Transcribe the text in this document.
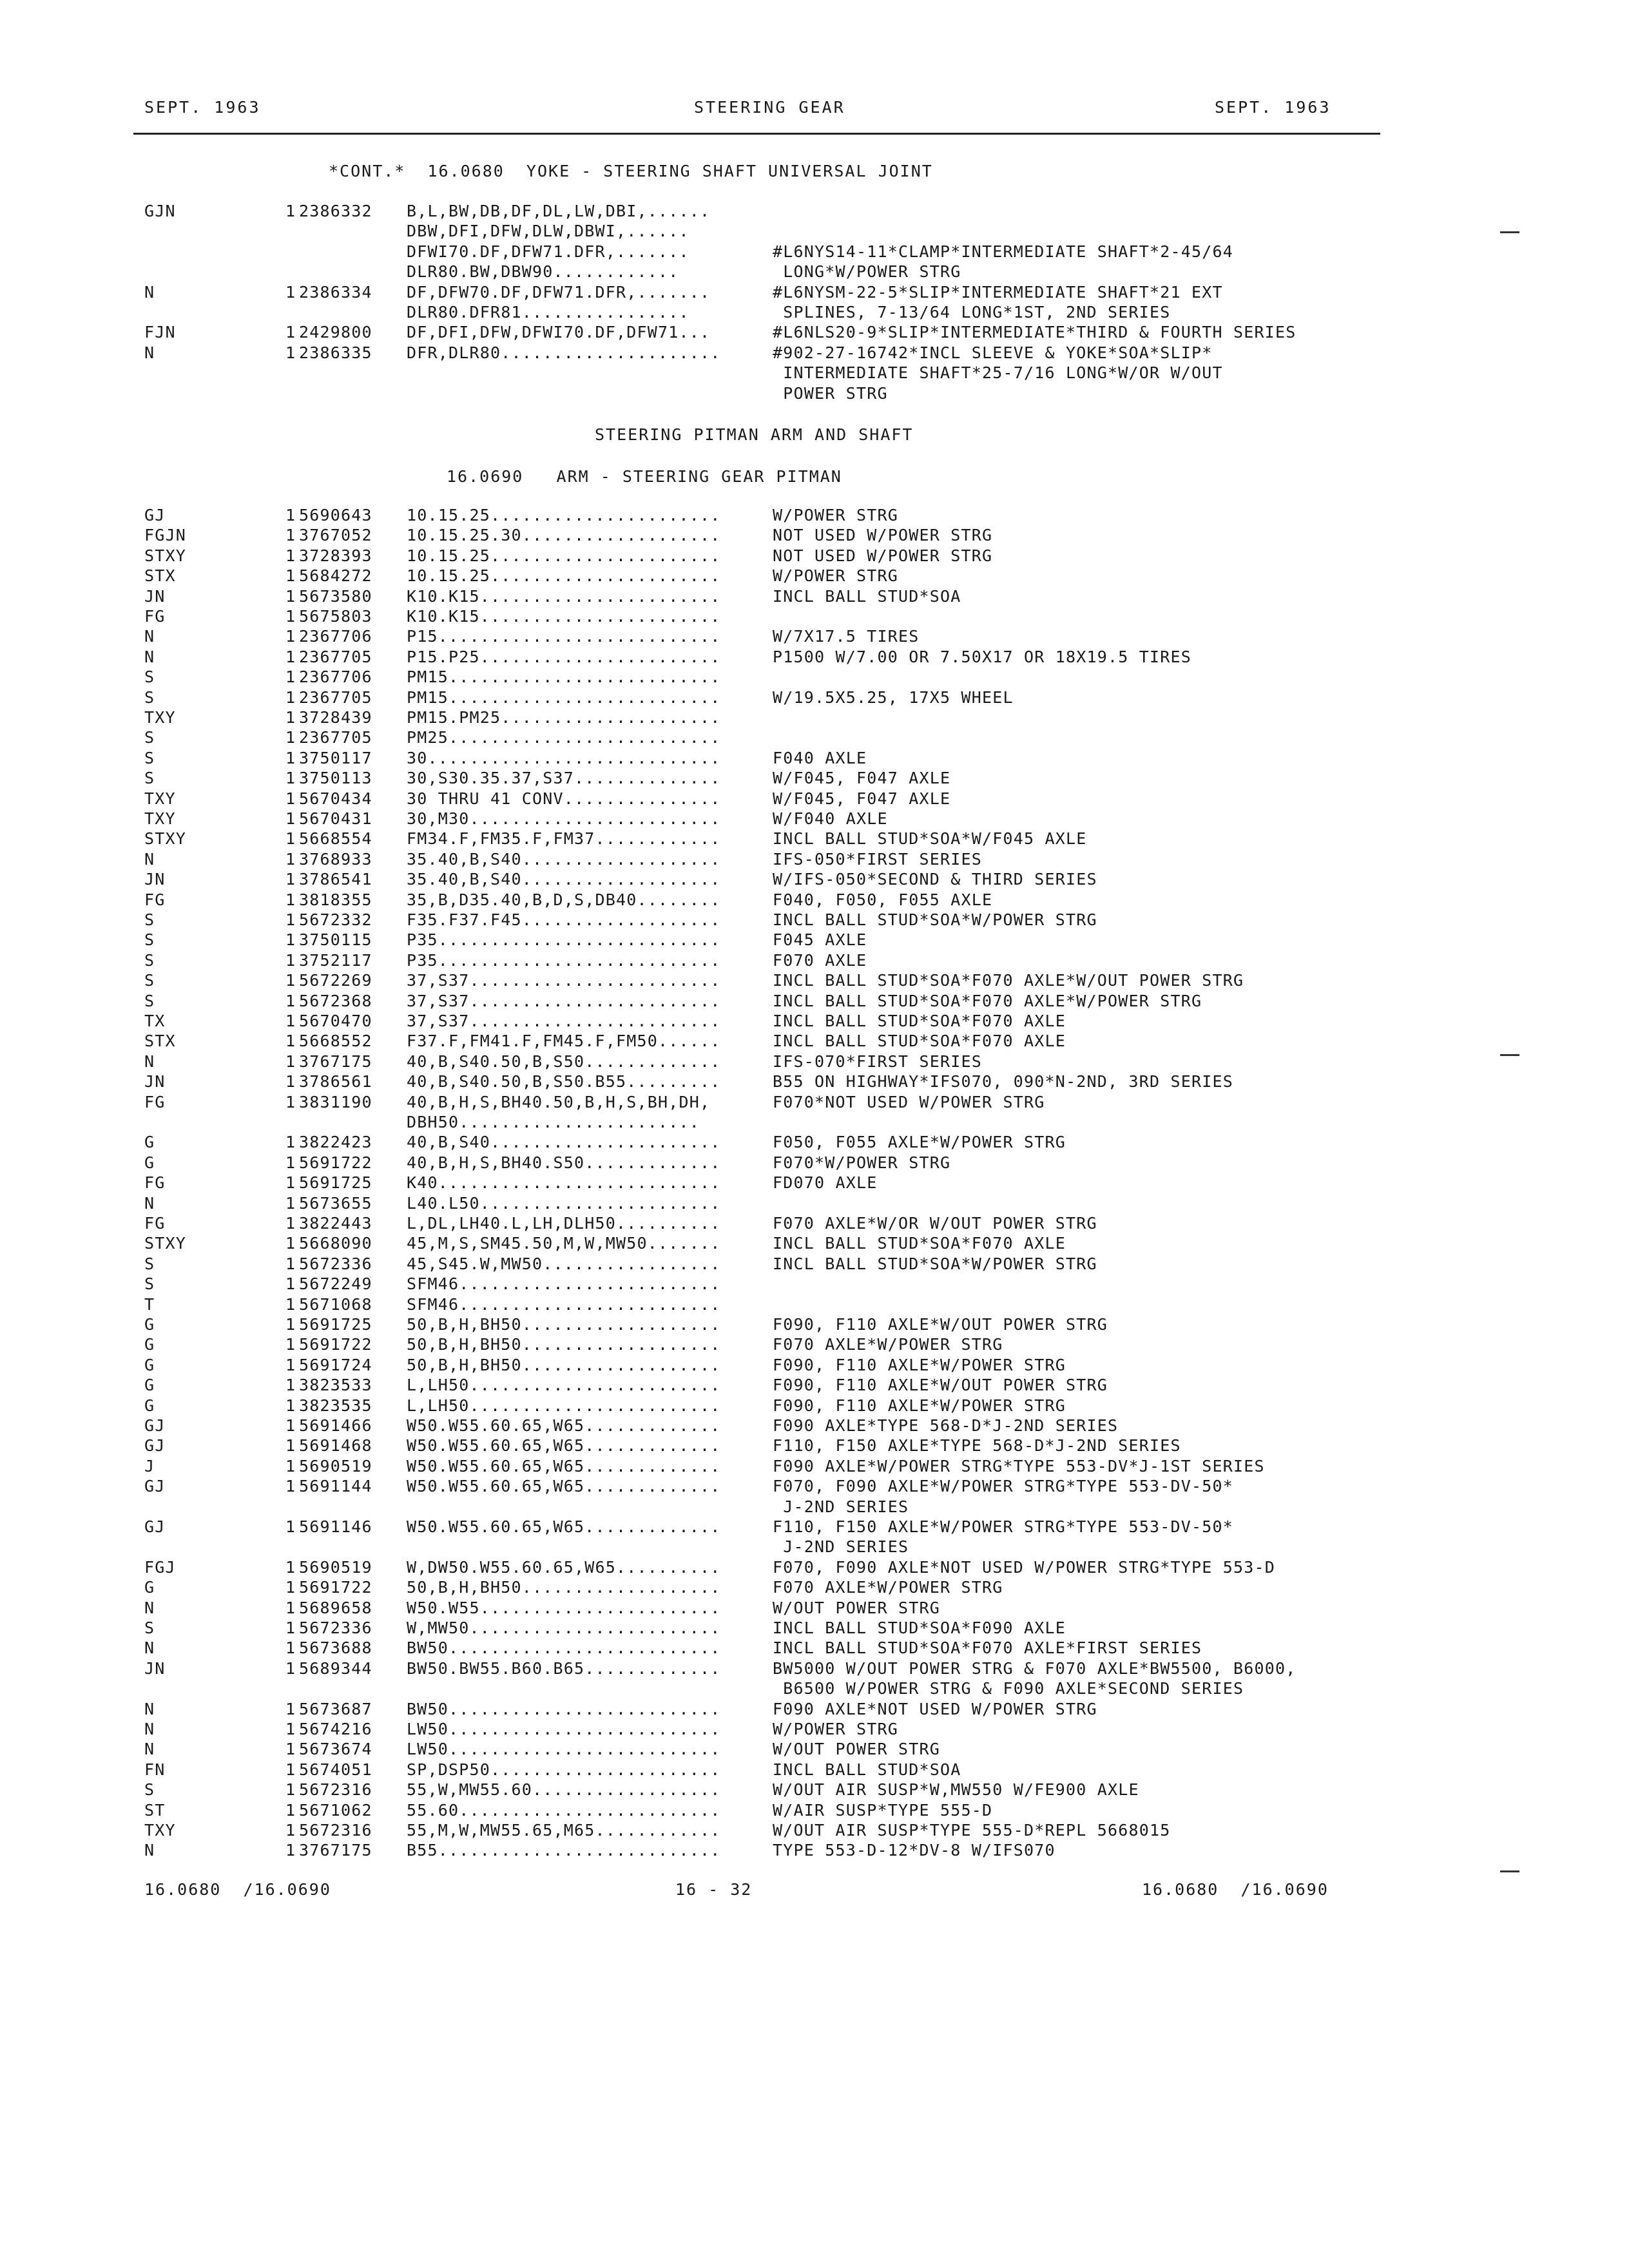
SEPT. 1963	STEERING GEAR	SEPT. 1963
*CONT.*  16.0680  YOKE - STEERING SHAFT UNIVERSAL JOINT
GJN	1 2386332 B,L,BW,DB,DF,DL,LW,DBI,......
DBW,DFI,DFW,DLW,DBWI,......
DFWI70.DF,DFW71.DFR,.......	#L6NYS14-11*CLAMP*INTERMEDIATE SHAFT*2-45/64
DLR80.BW,DBW90............	LONG*W/POWER STRG
N	1 2386334 DF,DFW70.DF,DFW71.DFR,.......	#L6NYSM-22-5*SLIP*INTERMEDIATE SHAFT*21 EXT
DLR80.DFR81................	SPLINES, 7-13/64 LONG*1ST, 2ND SERIES
FJN	1 2429800 DF,DFI,DFW,DFWI70.DF,DFW71...	#L6NLS20-9*SLIP*INTERMEDIATE*THIRD & FOURTH SERIES
N	1 2386335 DFR,DLR80.....................	#902-27-16742*INCL SLEEVE & YOKE*SOA*SLIP*
INTERMEDIATE SHAFT*25-7/16 LONG*W/OR W/OUT
POWER STRG
STEERING PITMAN ARM AND SHAFT
16.0690   ARM - STEERING GEAR PITMAN
GJ	1 5690643 10.15.25......................	W/POWER STRG
FGJN	1 3767052 10.15.25.30...................	NOT USED W/POWER STRG
STXY	1 3728393 10.15.25......................	NOT USED W/POWER STRG
STX	1 5684272 10.15.25......................	W/POWER STRG
JN	1 5673580 K10.K15.......................	INCL BALL STUD*SOA
FG	1 5675803 K10.K15.......................
N	1 2367706 P15...........................	W/7X17.5 TIRES
N	1 2367705 P15.P25.......................	P1500 W/7.00 OR 7.50X17 OR 18X19.5 TIRES
S	1 2367706 PM15..........................
S	1 2367705 PM15..........................	W/19.5X5.25, 17X5 WHEEL
TXY	1 3728439 PM15.PM25.....................
S	1 2367705 PM25..........................
S	1 3750117 30............................	F040 AXLE
S	1 3750113 30,S30.35.37,S37..............	W/F045, F047 AXLE
TXY	1 5670434 30 THRU 41 CONV...............	W/F045, F047 AXLE
TXY	1 5670431 30,M30........................	W/F040 AXLE
STXY	1 5668554 FM34.F,FM35.F,FM37............	INCL BALL STUD*SOA*W/F045 AXLE
N	1 3768933 35.40,B,S40...................	IFS-050*FIRST SERIES
JN	1 3786541 35.40,B,S40...................	W/IFS-050*SECOND & THIRD SERIES
FG	1 3818355 35,B,D35.40,B,D,S,DB40........	F040, F050, F055 AXLE
S	1 5672332 F35.F37.F45...................	INCL BALL STUD*SOA*W/POWER STRG
S	1 3750115 P35...........................	F045 AXLE
S	1 3752117 P35...........................	F070 AXLE
S	1 5672269 37,S37........................	INCL BALL STUD*SOA*F070 AXLE*W/OUT POWER STRG
S	1 5672368 37,S37........................	INCL BALL STUD*SOA*F070 AXLE*W/POWER STRG
TX	1 5670470 37,S37........................	INCL BALL STUD*SOA*F070 AXLE
STX	1 5668552 F37.F,FM41.F,FM45.F,FM50......	INCL BALL STUD*SOA*F070 AXLE
N	1 3767175 40,B,S40.50,B,S50.............	IFS-070*FIRST SERIES
JN	1 3786561 40,B,S40.50,B,S50.B55.........	B55 ON HIGHWAY*IFS070, 090*N-2ND, 3RD SERIES
FG	1 3831190 40,B,H,S,BH40.50,B,H,S,BH,DH,	F070*NOT USED W/POWER STRG
DBH50.......................
G	1 3822423 40,B,S40......................	F050, F055 AXLE*W/POWER STRG
G	1 5691722 40,B,H,S,BH40.S50.............	F070*W/POWER STRG
FG	1 5691725 K40...........................	FD070 AXLE
N	1 5673655 L40.L50.......................
FG	1 3822443 L,DL,LH40.L,LH,DLH50..........	F070 AXLE*W/OR W/OUT POWER STRG
STXY	1 5668090 45,M,S,SM45.50,M,W,MW50.......	INCL BALL STUD*SOA*F070 AXLE
S	1 5672336 45,S45.W,MW50.................	INCL BALL STUD*SOA*W/POWER STRG
S	1 5672249 SFM46.........................
T	1 5671068 SFM46.........................
G	1 5691725 50,B,H,BH50...................	F090, F110 AXLE*W/OUT POWER STRG
G	1 5691722 50,B,H,BH50...................	F070 AXLE*W/POWER STRG
G	1 5691724 50,B,H,BH50...................	F090, F110 AXLE*W/POWER STRG
G	1 3823533 L,LH50........................	F090, F110 AXLE*W/OUT POWER STRG
G	1 3823535 L,LH50........................	F090, F110 AXLE*W/POWER STRG
GJ	1 5691466 W50.W55.60.65,W65.............	F090 AXLE*TYPE 568-D*J-2ND SERIES
GJ	1 5691468 W50.W55.60.65,W65.............	F110, F150 AXLE*TYPE 568-D*J-2ND SERIES
J	1 5690519 W50.W55.60.65,W65.............	F090 AXLE*W/POWER STRG*TYPE 553-DV*J-1ST SERIES
GJ	1 5691144 W50.W55.60.65,W65.............	F070, F090 AXLE*W/POWER STRG*TYPE 553-DV-50*
J-2ND SERIES
GJ	1 5691146 W50.W55.60.65,W65.............	F110, F150 AXLE*W/POWER STRG*TYPE 553-DV-50*
J-2ND SERIES
FGJ	1 5690519 W,DW50.W55.60.65,W65..........	F070, F090 AXLE*NOT USED W/POWER STRG*TYPE 553-D
G	1 5691722 50,B,H,BH50...................	F070 AXLE*W/POWER STRG
N	1 5689658 W50.W55.......................	W/OUT POWER STRG
S	1 5672336 W,MW50........................	INCL BALL STUD*SOA*F090 AXLE
N	1 5673688 BW50..........................	INCL BALL STUD*SOA*F070 AXLE*FIRST SERIES
JN	1 5689344 BW50.BW55.B60.B65.............	BW5000 W/OUT POWER STRG & F070 AXLE*BW5500, B6000,
B6500 W/POWER STRG & F090 AXLE*SECOND SERIES
N	1 5673687 BW50..........................	F090 AXLE*NOT USED W/POWER STRG
N	1 5674216 LW50..........................	W/POWER STRG
N	1 5673674 LW50..........................	W/OUT POWER STRG
FN	1 5674051 SP,DSP50......................	INCL BALL STUD*SOA
S	1 5672316 55,W,MW55.60..................	W/OUT AIR SUSP*W,MW550 W/FE900 AXLE
ST	1 5671062 55.60.........................	W/AIR SUSP*TYPE 555-D
TXY	1 5672316 55,M,W,MW55.65,M65............	W/OUT AIR SUSP*TYPE 555-D*REPL 5668015
N	1 3767175 B55...........................	TYPE 553-D-12*DV-8 W/IFS070
16.0680  /16.0690	16 - 32	16.0680  /16.0690
